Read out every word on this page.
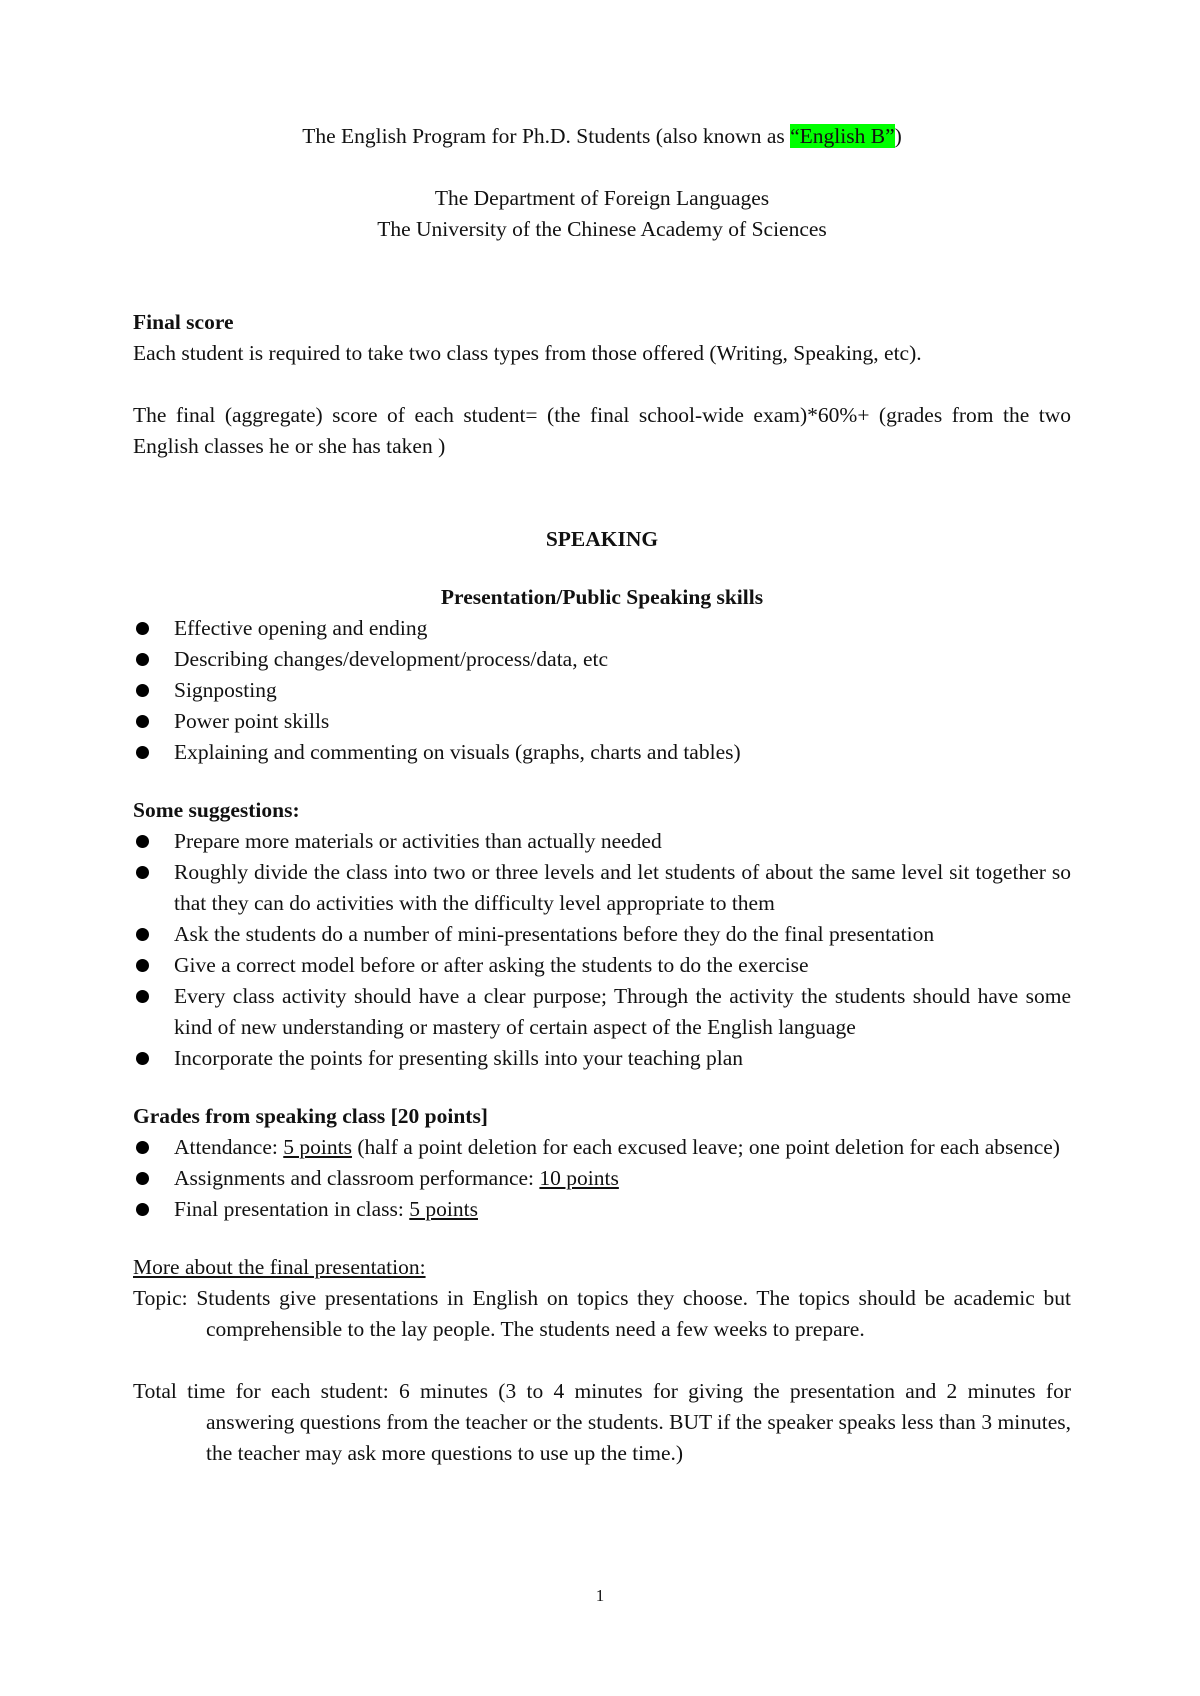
The English Program for Ph.D. Students (also known as “English B”)

The Department of Foreign Languages

The University of the Chinese Academy of Sciences

Final score

Each student is required to take two class types from those offered (Writing, Speaking, etc).

The final (aggregate) score of each student= (the final school-wide exam)*60%+ (grades from the two English classes he or she has taken )

SPEAKING

Presentation/Public Speaking skills

Effective opening and ending
Describing changes/development/process/data, etc
Signposting
Power point skills
Explaining and commenting on visuals (graphs, charts and tables)

Some suggestions:

Prepare more materials or activities than actually needed
Roughly divide the class into two or three levels and let students of about the same level sit together so that they can do activities with the difficulty level appropriate to them
Ask the students do a number of mini-presentations before they do the final presentation
Give a correct model before or after asking the students to do the exercise
Every class activity should have a clear purpose; Through the activity the students should have some kind of new understanding or mastery of certain aspect of the English language
Incorporate the points for presenting skills into your teaching plan

Grades from speaking class [20 points]

Attendance: 5 points (half a point deletion for each excused leave; one point deletion for each absence)
Assignments and classroom performance: 10 points
Final presentation in class: 5 points

More about the final presentation:

Topic: Students give presentations in English on topics they choose. The topics should be academic but comprehensible to the lay people. The students need a few weeks to prepare.

Total time for each student: 6 minutes (3 to 4 minutes for giving the presentation and 2 minutes for answering questions from the teacher or the students. BUT if the speaker speaks less than 3 minutes, the teacher may ask more questions to use up the time.)

1
